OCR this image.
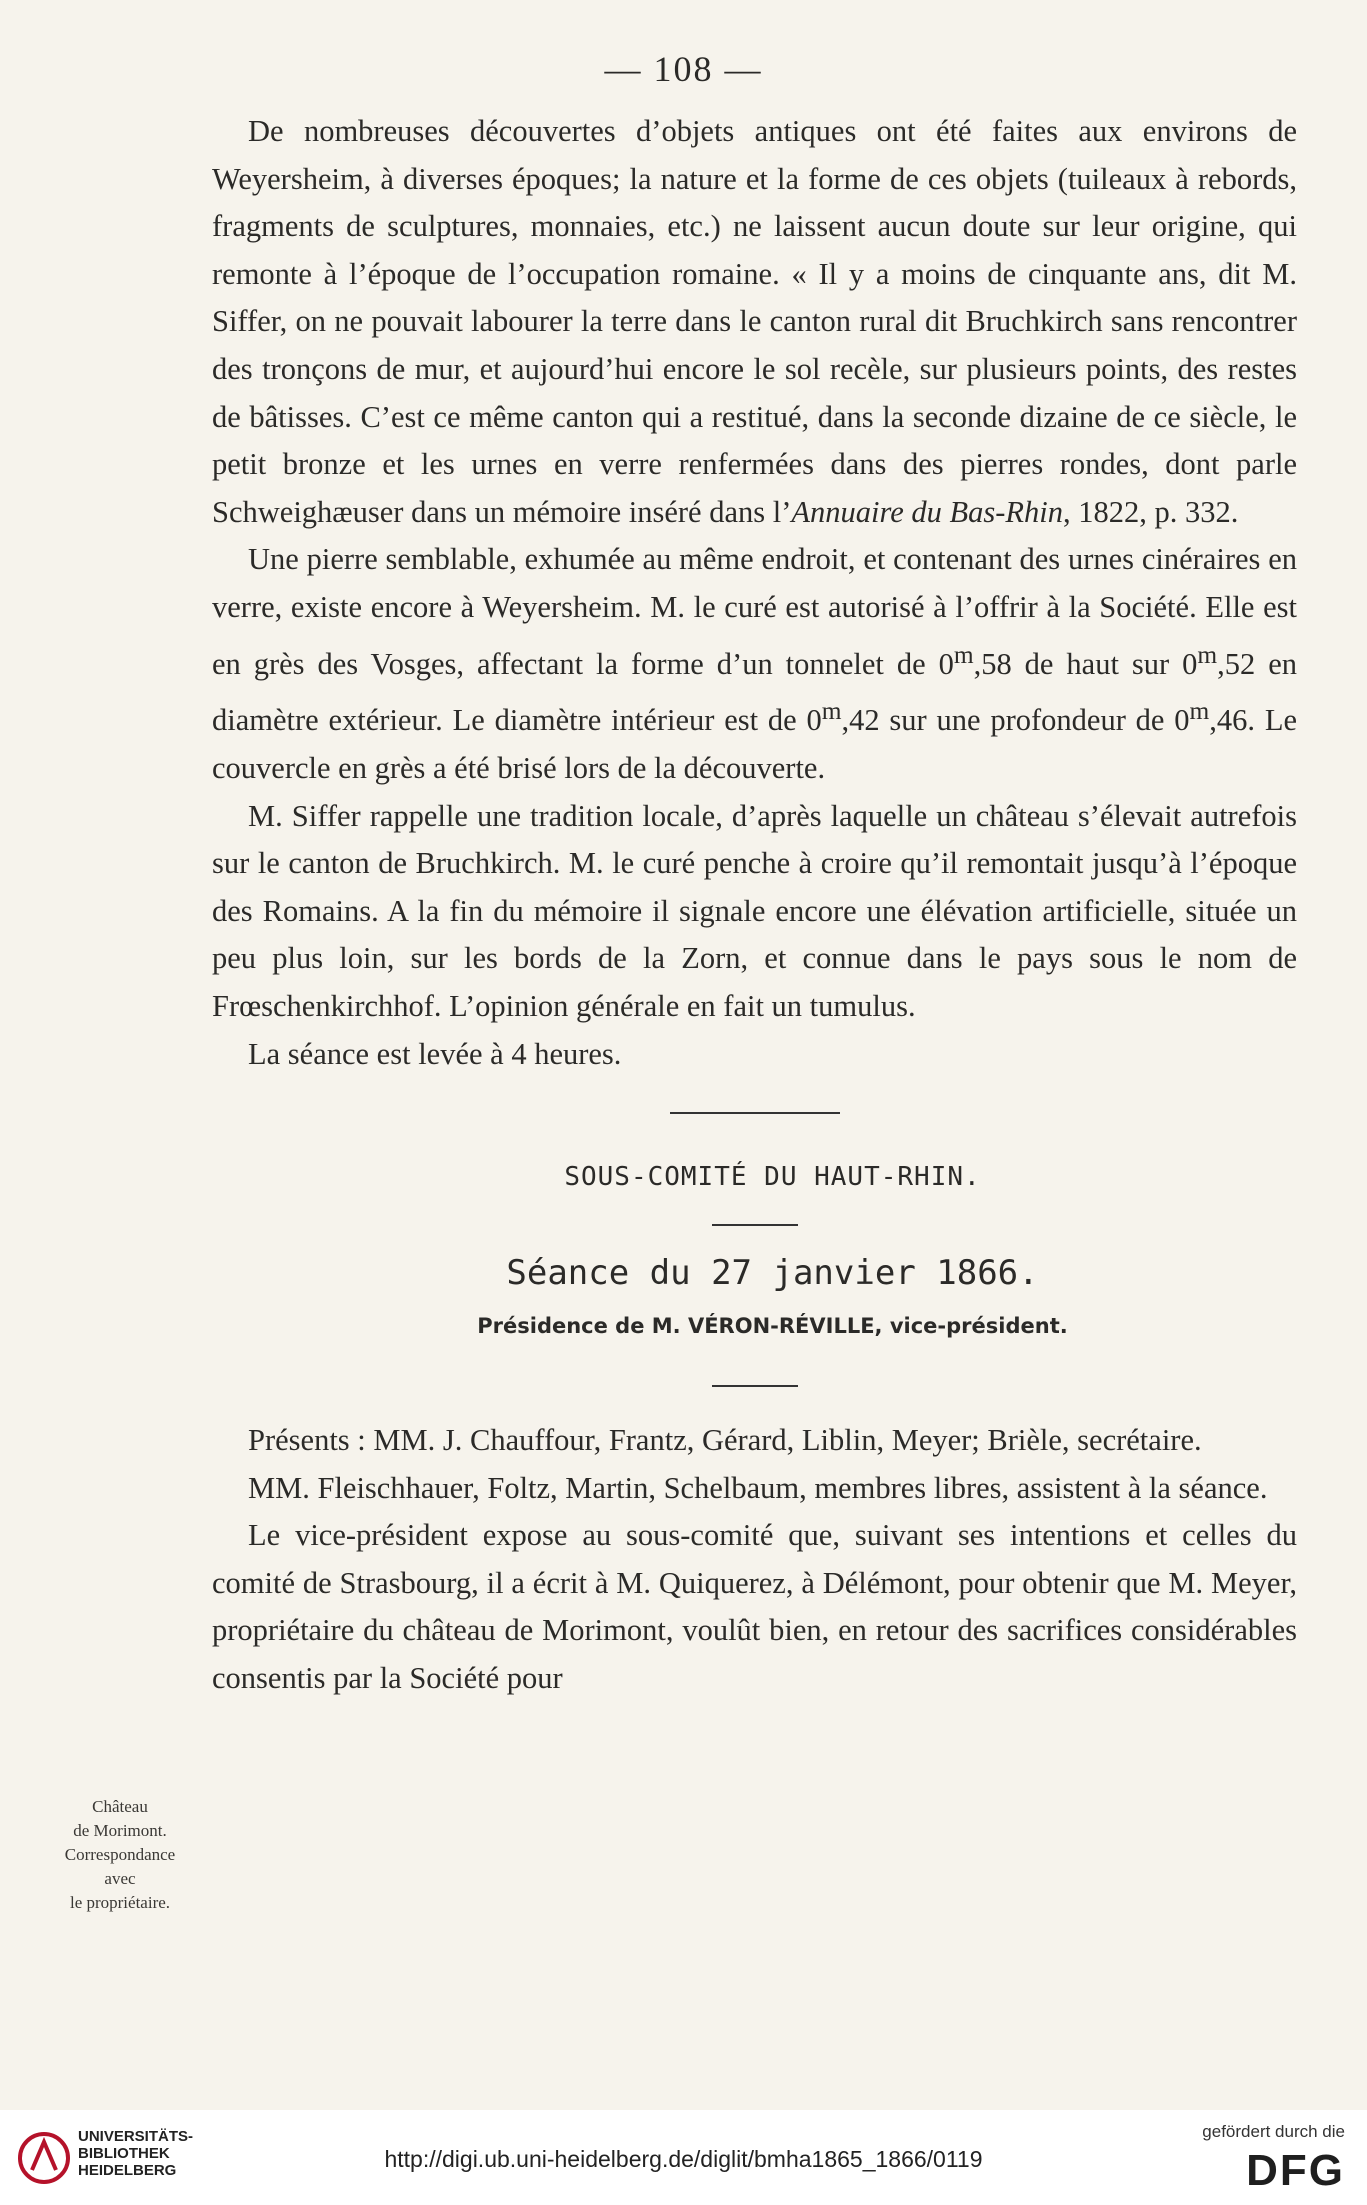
— 108 —

De nombreuses découvertes d’objets antiques ont été faites aux environs de Weyersheim, à diverses époques; la nature et la forme de ces objets (tuileaux à rebords, fragments de sculptures, monnaies, etc.) ne laissent aucun doute sur leur origine, qui remonte à l’époque de l’occupation romaine. « Il y a moins de cinquante ans, dit M. Siffer, on ne pouvait labourer la terre dans le canton rural dit Bruchkirch sans rencontrer des tronçons de mur, et aujourd’hui encore le sol recèle, sur plusieurs points, des restes de bâtisses. C’est ce même canton qui a restitué, dans la seconde dizaine de ce siècle, le petit bronze et les urnes en verre renfermées dans des pierres rondes, dont parle Schweighæuser dans un mémoire inséré dans l’Annuaire du Bas-Rhin, 1822, p. 332.

Une pierre semblable, exhumée au même endroit, et contenant des urnes cinéraires en verre, existe encore à Weyersheim. M. le curé est autorisé à l’offrir à la Société. Elle est en grès des Vosges, affectant la forme d’un tonnelet de 0$^m$,58 de haut sur 0$^m$,52 en diamètre extérieur. Le diamètre intérieur est de 0$^m$,42 sur une profondeur de 0$^m$,46. Le couvercle en grès a été brisé lors de la découverte.

M. Siffer rappelle une tradition locale, d’après laquelle un château s’élevait autrefois sur le canton de Bruchkirch. M. le curé penche à croire qu’il remontait jusqu’à l’époque des Romains. A la fin du mémoire il signale encore une élévation artificielle, située un peu plus loin, sur les bords de la Zorn, et connue dans le pays sous le nom de Frœschenkirchhof. L’opinion générale en fait un tumulus.

La séance est levée à 4 heures.

SOUS-COMITÉ DU HAUT-RHIN.

Séance du 27 janvier 1866.

Présidence de M. VÉRON-RÉVILLE, vice-président.

Présents : MM. J. Chauffour, Frantz, Gérard, Liblin, Meyer; Brièle, secrétaire.

MM. Fleischhauer, Foltz, Martin, Schelbaum, membres libres, assistent à la séance.

Le vice-président expose au sous-comité que, suivant ses intentions et celles du comité de Strasbourg, il a écrit à M. Quiquerez, à Délémont, pour obtenir que M. Meyer, propriétaire du château de Morimont, voulût bien, en retour des sacrifices considérables consentis par la Société pour

Château
de Morimont.
Correspondance
avec
le propriétaire.
UNIVERSITÄTS-
BIBLIOTHEK
HEIDELBERG	http://digi.ub.uni-heidelberg.de/diglit/bmha1865_1866/0119
gefördert durch die
DFG
